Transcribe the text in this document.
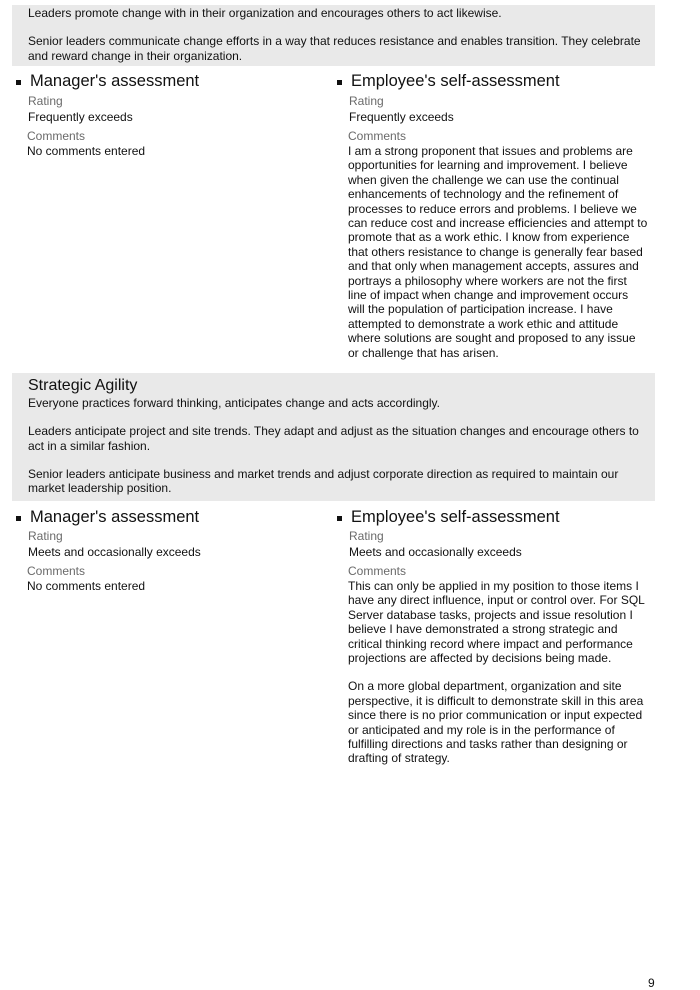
Leaders promote change with in their organization and encourages others to act likewise.

Senior leaders communicate change efforts in a way that reduces resistance and enables transition. They celebrate and reward change in their organization.

Manager's assessment

Rating

Frequently exceeds

Comments

No comments entered

Employee's self-assessment

Rating

Frequently exceeds

Comments

I am a strong proponent that issues and problems are opportunities for learning and improvement. I believe when given the challenge we can use the continual enhancements of technology and the refinement of processes to reduce errors and problems. I believe we can reduce cost and increase efficiencies and attempt to promote that as a work ethic. I know from experience that others resistance to change is generally fear based and that only when management accepts, assures and portrays a philosophy where workers are not the first line of impact when change and improvement occurs will the population of participation increase. I have attempted to demonstrate a work ethic and attitude where solutions are sought and proposed to any issue or challenge that has arisen.

Strategic Agility

Everyone practices forward thinking, anticipates change and acts accordingly.

Leaders anticipate project and site trends. They adapt and adjust as the situation changes and encourage others to act in a similar fashion.

Senior leaders anticipate business and market trends and adjust corporate direction as required to maintain our market leadership position.

Manager's assessment

Rating

Meets and occasionally exceeds

Comments

No comments entered

Employee's self-assessment

Rating

Meets and occasionally exceeds

Comments

This can only be applied in my position to those items I have any direct influence, input or control over. For SQL Server database tasks, projects and issue resolution I believe I have demonstrated a strong strategic and critical thinking record where impact and performance projections are affected by decisions being made.

On a more global department, organization and site perspective, it is difficult to demonstrate skill in this area since there is no prior communication or input expected or anticipated and my role is in the performance of fulfilling directions and tasks rather than designing or drafting of strategy.

9
